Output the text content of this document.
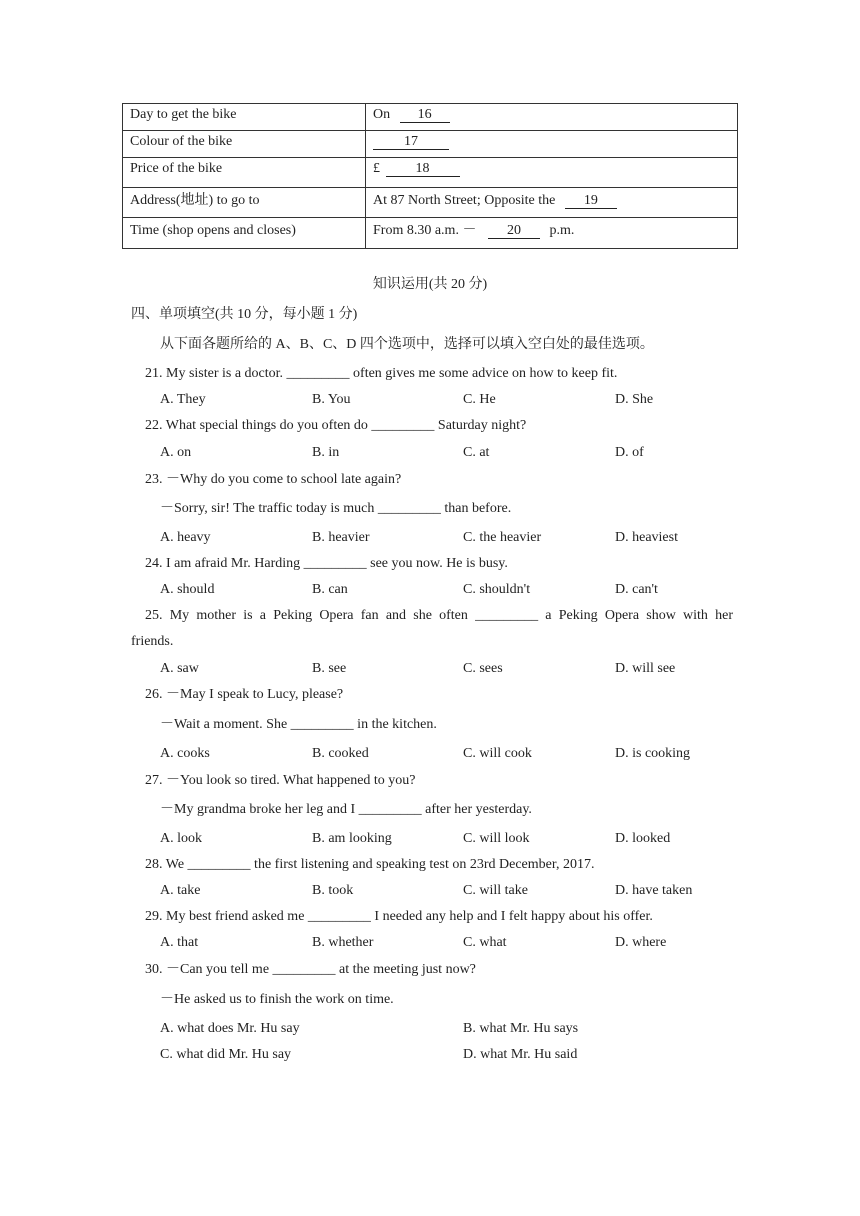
Day to get the bike	On 16
Colour of the bike	17
Price of the bike	£ 18
Address(地址) to go to	At 87 North Street; Opposite the 19
Time (shop opens and closes)	From 8.30 a.m. － 20 p.m.
知识运用(共 20 分)
四、单项填空(共 10 分，每小题 1 分)
从下面各题所给的 A、B、C、D 四个选项中，选择可以填入空白处的最佳选项。
21. My sister is a doctor. _________ often gives me some advice on how to keep fit.
A. They	B. You	C. He	D. She
22. What special things do you often do _________ Saturday night?
A. on	B. in	C. at	D. of
23. －Why do you come to school late again?
－Sorry, sir! The traffic today is much _________ than before.
A. heavy	B. heavier	C. the heavier	D. heaviest
24. I am afraid Mr. Harding _________ see you now. He is busy.
A. should	B. can	C. shouldn't	D. can't
25. My mother is a Peking Opera fan and she often _________ a Peking Opera show with her
friends.
A. saw	B. see	C. sees	D. will see
26. －May I speak to Lucy, please?
－Wait a moment. She _________ in the kitchen.
A. cooks	B. cooked	C. will cook	D. is cooking
27. －You look so tired. What happened to you?
－My grandma broke her leg and I _________ after her yesterday.
A. look	B. am looking	C. will look	D. looked
28. We _________ the first listening and speaking test on 23rd December, 2017.
A. take	B. took	C. will take	D. have taken
29. My best friend asked me _________ I needed any help and I felt happy about his offer.
A. that	B. whether	C. what	D. where
30. －Can you tell me _________ at the meeting just now?
－He asked us to finish the work on time.
A. what does Mr. Hu say	B. what Mr. Hu says
C. what did Mr. Hu say	D. what Mr. Hu said
